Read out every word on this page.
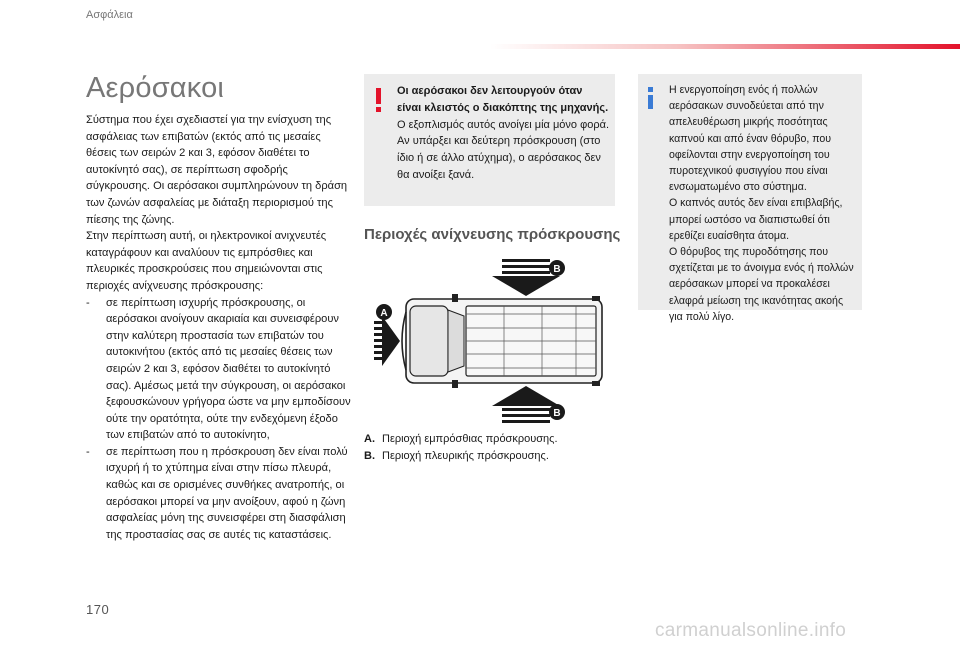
Ασφάλεια
Αερόσακοι

Σύστημα που έχει σχεδιαστεί για την ενίσχυση της ασφάλειας των επιβατών (εκτός από τις μεσαίες θέσεις των σειρών 2 και 3, εφόσον διαθέτει το αυτοκίνητό σας), σε περίπτωση σφοδρής σύγκρουσης. Οι αερόσακοι συμπληρώνουν τη δράση των ζωνών ασφαλείας με διάταξη περιορισμού της πίεσης της ζώνης.

Στην περίπτωση αυτή, οι ηλεκτρονικοί ανιχνευτές καταγράφουν και αναλύουν τις εμπρόσθιες και πλευρικές προσκρούσεις που σημειώνονται στις περιοχές ανίχνευσης πρόσκρουσης:

- σε περίπτωση ισχυρής πρόσκρουσης, οι αερόσακοι ανοίγουν ακαριαία και συνεισφέρουν στην καλύτερη προστασία των επιβατών του αυτοκινήτου (εκτός από τις μεσαίες θέσεις των σειρών 2 και 3, εφόσον διαθέτει το αυτοκίνητό σας). Αμέσως μετά την σύγκρουση, οι αερόσακοι ξεφουσκώνουν γρήγορα ώστε να μην εμποδίσουν ούτε την ορατότητα, ούτε την ενδεχόμενη έξοδο των επιβατών από το αυτοκίνητο,
- σε περίπτωση που η πρόσκρουση δεν είναι πολύ ισχυρή ή το χτύπημα είναι στην πίσω πλευρά, καθώς και σε ορισμένες συνθήκες ανατροπής, οι αερόσακοι μπορεί να μην ανοίξουν, αφού η ζώνη ασφαλείας μόνη της συνεισφέρει στη διασφάλιση της προστασίας σας σε αυτές τις καταστάσεις.

Οι αερόσακοι δεν λειτουργούν όταν είναι κλειστός ο διακόπτης της μηχανής.

Ο εξοπλισμός αυτός ανοίγει μία μόνο φορά. Αν υπάρξει και δεύτερη πρόσκρουση (στο ίδιο ή σε άλλο ατύχημα), ο αερόσακος δεν θα ανοίξει ξανά.

Περιοχές ανίχνευσης πρόσκρουσης
A
B
B
A. Περιοχή εμπρόσθιας πρόσκρουσης.
B. Περιοχή πλευρικής πρόσκρουσης.

Η ενεργοποίηση ενός ή πολλών αερόσακων συνοδεύεται από την απελευθέρωση μικρής ποσότητας καπνού και από έναν θόρυβο, που οφείλονται στην ενεργοποίηση του πυροτεχνικού φυσιγγίου που είναι ενσωματωμένο στο σύστημα.

Ο καπνός αυτός δεν είναι επιβλαβής, μπορεί ωστόσο να διαπιστωθεί ότι ερεθίζει ευαίσθητα άτομα.

Ο θόρυβος της πυροδότησης που σχετίζεται με το άνοιγμα ενός ή πολλών αερόσακων μπορεί να προκαλέσει ελαφρά μείωση της ικανότητας ακοής για πολύ λίγο.

170
carmanualsonline.info
